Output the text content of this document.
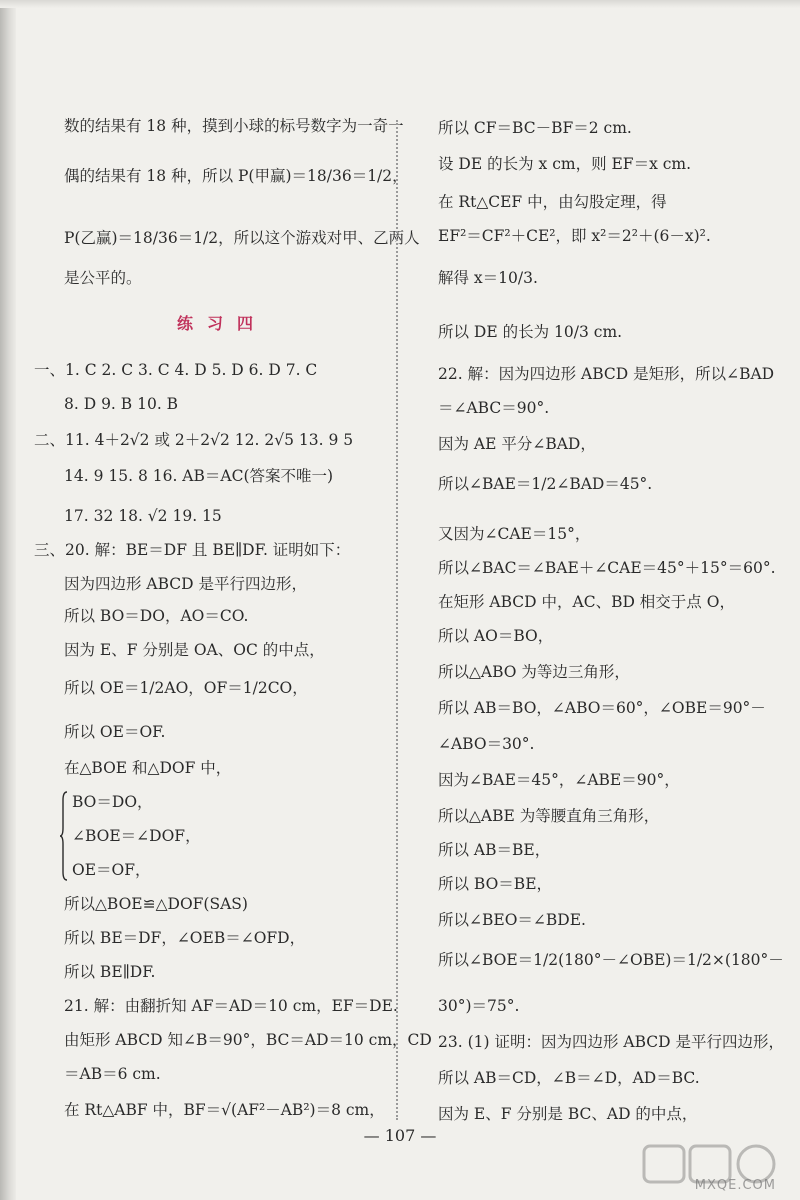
数的结果有 18 种，摸到小球的标号数字为一奇一
偶的结果有 18 种，所以 P(甲赢)＝18/36＝1/2，
P(乙赢)＝18/36＝1/2，所以这个游戏对甲、乙两人
是公平的。
练习四
一、1. C 2. C 3. C 4. D 5. D 6. D 7. C
8. D 9. B 10. B
二、11. 4＋2√2 或 2＋2√2 12. 2√5 13. 9 5
14. 9 15. 8 16. AB＝AC(答案不唯一)
17. 32 18. √2 19. 15
三、20. 解：BE＝DF 且 BE∥DF. 证明如下：
因为四边形 ABCD 是平行四边形，
所以 BO＝DO，AO＝CO.
因为 E、F 分别是 OA、OC 的中点，
所以 OE＝1/2AO，OF＝1/2CO，
所以 OE＝OF.
在△BOE 和△DOF 中，
BO＝DO，
∠BOE＝∠DOF，
OE＝OF，
所以△BOE≌△DOF(SAS)
所以 BE＝DF，∠OEB＝∠OFD，
所以 BE∥DF.
21. 解：由翻折知 AF＝AD＝10 cm，EF＝DE.
由矩形 ABCD 知∠B＝90°，BC＝AD＝10 cm，CD
＝AB＝6 cm.
在 Rt△ABF 中，BF＝√(AF²－AB²)＝8 cm，
所以 CF＝BC－BF＝2 cm.
设 DE 的长为 x cm，则 EF＝x cm.
在 Rt△CEF 中，由勾股定理，得
EF²＝CF²＋CE²，即 x²＝2²＋(6－x)².
解得 x＝10/3.
所以 DE 的长为 10/3 cm.
22. 解：因为四边形 ABCD 是矩形，所以∠BAD
＝∠ABC＝90°.
因为 AE 平分∠BAD，
所以∠BAE＝1/2∠BAD＝45°.
又因为∠CAE＝15°，
所以∠BAC＝∠BAE＋∠CAE＝45°＋15°＝60°.
在矩形 ABCD 中，AC、BD 相交于点 O，
所以 AO＝BO，
所以△ABO 为等边三角形，
所以 AB＝BO，∠ABO＝60°，∠OBE＝90°－
∠ABO＝30°.
因为∠BAE＝45°，∠ABE＝90°，
所以△ABE 为等腰直角三角形，
所以 AB＝BE，
所以 BO＝BE，
所以∠BEO＝∠BDE.
所以∠BOE＝1/2(180°－∠OBE)＝1/2×(180°－
30°)＝75°.
23. (1) 证明：因为四边形 ABCD 是平行四边形，
所以 AB＝CD，∠B＝∠D，AD＝BC.
因为 E、F 分别是 BC、AD 的中点，
— 107 —
MXQE.COM
